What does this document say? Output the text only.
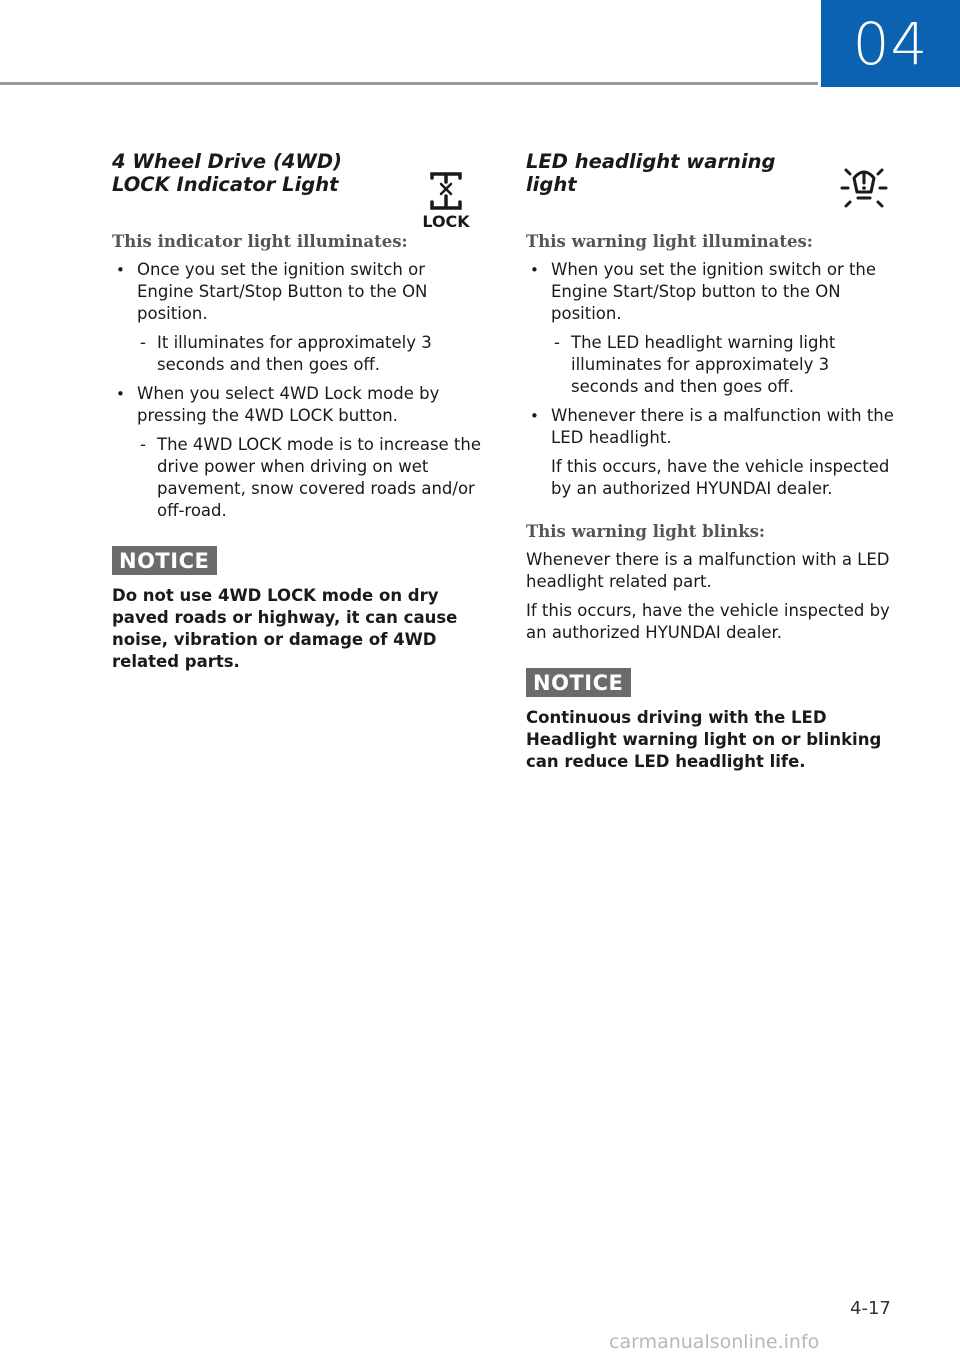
04
4 Wheel Drive (4WD) LOCK Indicator Light
LOCK
This indicator light illuminates:
• Once you set the ignition switch or Engine Start/Stop Button to the ON position.
- It illuminates for approximately 3 seconds and then goes off.
• When you select 4WD Lock mode by pressing the 4WD LOCK button.
- The 4WD LOCK mode is to increase the drive power when driving on wet pavement, snow covered roads and/or off-road.
NOTICE
Do not use 4WD LOCK mode on dry paved roads or highway, it can cause noise, vibration or damage of 4WD related parts.
LED headlight warning light
This warning light illuminates:
• When you set the ignition switch or the Engine Start/Stop button to the ON position.
- The LED headlight warning light illuminates for approximately 3 seconds and then goes off.
• Whenever there is a malfunction with the LED headlight.
If this occurs, have the vehicle inspected by an authorized HYUNDAI dealer.
This warning light blinks:

Whenever there is a malfunction with a LED headlight related part.

If this occurs, have the vehicle inspected by an authorized HYUNDAI dealer.

NOTICE
Continuous driving with the LED Headlight warning light on or blinking can reduce LED headlight life.
4-17
carmanualsonline.info
